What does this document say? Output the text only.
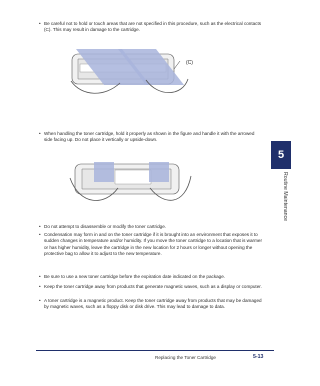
• Be careful not to hold or touch areas that are not specified in this procedure, such as the electrical contacts (C). This may result in damage to the cartridge.
(C)
• When handling the toner cartridge, hold it properly as shown in the figure and handle it with the arrowed side facing up. Do not place it vertically or upside-down.
• Do not attempt to disassemble or modify the toner cartridge.
• Condensation may form in and on the toner cartridge if it is brought into an environment that exposes it to sudden changes in temperature and/or humidity. If you move the toner cartridge to a location that is warmer or has higher humidity, leave the cartridge in the new location for 2 hours or longer without opening the protective bag to allow it to adjust to the new temperature.
• Be sure to use a new toner cartridge before the expiration date indicated on the package.
• Keep the toner cartridge away from products that generate magnetic waves, such as a display or computer.
• A toner cartridge is a magnetic product. Keep the toner cartridge away from products that may be damaged by magnetic waves, such as a floppy disk or disk drive. This may lead to damage to data.
5
Routine Maintenance
Replacing the Toner Cartridge	5-13
